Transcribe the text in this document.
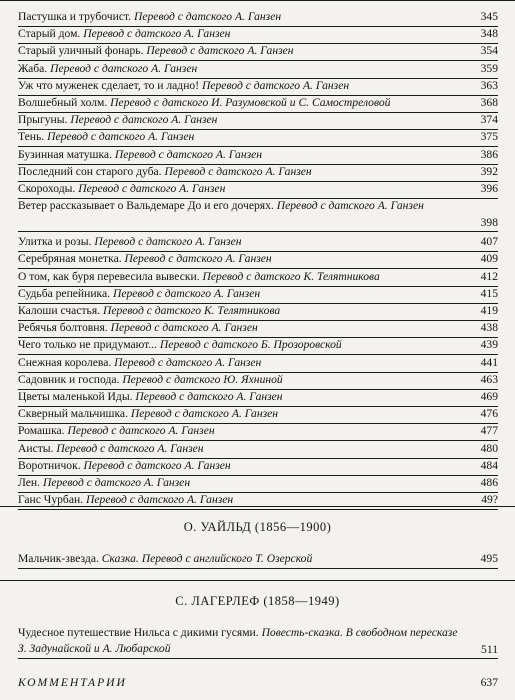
Пастушка и трубочист. Перевод с датского А. Ганзен	345
Старый дом. Перевод с датского А. Ганзен	348
Старый уличный фонарь. Перевод с датского А. Ганзен	354
Жаба. Перевод с датского А. Ганзен	359
Уж что муженек сделает, то и ладно! Перевод с датского А. Ганзен	363
Волшебный холм. Перевод с датского И. Разумовской и С. Самостреловой	368
Прыгуны. Перевод с датского А. Ганзен	374
Тень. Перевод с датского А. Ганзен	375
Бузинная матушка. Перевод с датского А. Ганзен	386
Последний сон старого дуба. Перевод с датского А. Ганзен	392
Скороходы. Перевод с датского А. Ганзен	396
Ветер рассказывает о Вальдемаре До и его дочерях. Перевод с датского А. Ганзен
398
Улитка и розы. Перевод с датского А. Ганзен	407
Серебряная монетка. Перевод с датского А. Ганзен	409
О том, как буря перевесила вывески. Перевод с датского К. Телятникова	412
Судьба репейника. Перевод с датского А. Ганзен	415
Калоши счастья. Перевод с датского К. Телятникова	419
Ребячья болтовня. Перевод с датского А. Ганзен	438
Чего только не придумают... Перевод с датского Б. Прозоровской	439
Снежная королева. Перевод с датского А. Ганзен	441
Садовник и господа. Перевод с датского Ю. Яхниной	463
Цветы маленькой Иды. Перевод с датского А. Ганзен	469
Скверный мальчишка. Перевод с датского А. Ганзен	476
Ромашка. Перевод с датского А. Ганзен	477
Аисты. Перевод с датского А. Ганзен	480
Воротничок. Перевод с датского А. Ганзен	484
Лен. Перевод с датского А. Ганзен	486
Ганс Чурбан. Перевод с датского А. Ганзен	49?
О. УАЙЛЬД (1856—1900)
Мальчик-звезда. Сказка. Перевод с английского Т. Озерской	495
С. ЛАГЕРЛЕФ (1858—1949)
Чудесное путешествие Нильса с дикими гусями. Повесть-сказка. В свободном пересказе З. Задунайской и А. Любарской	511
КОММЕНТАРИИ	637
